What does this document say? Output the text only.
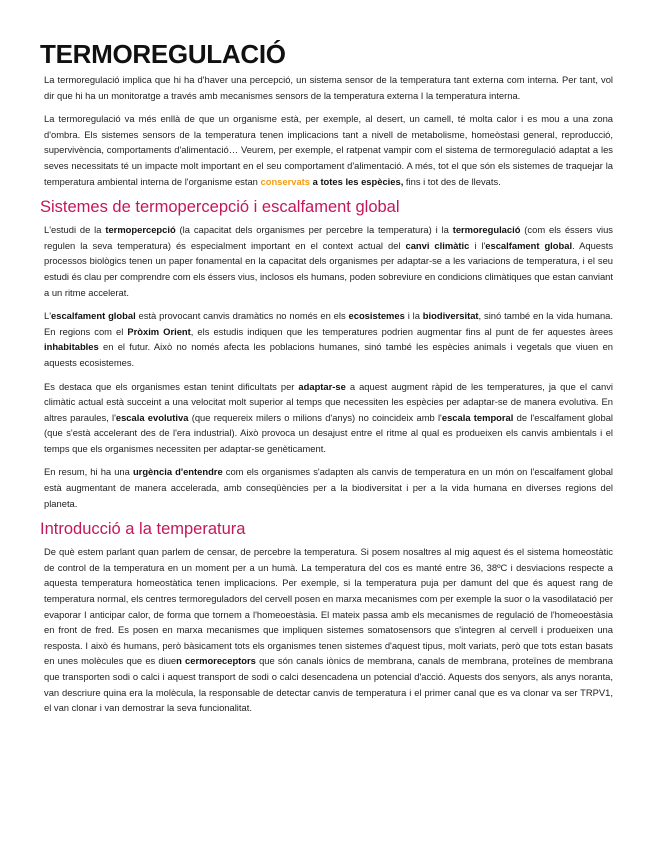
TERMOREGULACIÓ

La termoregulació implica que hi ha d'haver una percepció, un sistema sensor de la temperatura tant externa com interna. Per tant, vol dir que hi ha un monitoratge a través amb mecanismes sensors de la temperatura externa I la temperatura interna.

La termoregulació va més enllà de que un organisme està, per exemple, al desert, un camell, té molta calor i es mou a una zona d'ombra. Els sistemes sensors de la temperatura tenen implicacions tant a nivell de metabolisme, homeòstasi general, reproducció, supervivència, comportaments d'alimentació… Veurem, per exemple, el ratpenat vampir com el sistema de termoregulació adaptat a les seves necessitats té un impacte molt important en el seu comportament d'alimentació. A més, tot el que són els sistemes de traquejar la temperatura ambiental interna de l'organisme estan conservats a totes les espècies, fins i tot des de llevats.

Sistemes de termopercepció i escalfament global

L'estudi de la termopercepció (la capacitat dels organismes per percebre la temperatura) i la termoregulació (com els éssers vius regulen la seva temperatura) és especialment important en el context actual del canvi climàtic i l'escalfament global. Aquests processos biològics tenen un paper fonamental en la capacitat dels organismes per adaptar-se a les variacions de temperatura, i el seu estudi és clau per comprendre com els éssers vius, inclosos els humans, poden sobreviure en condicions climàtiques que estan canviant a un ritme accelerat.

L'escalfament global està provocant canvis dramàtics no només en els ecosistemes i la biodiversitat, sinó també en la vida humana. En regions com el Pròxim Orient, els estudis indiquen que les temperatures podrien augmentar fins al punt de fer aquestes àrees inhabitables en el futur. Això no només afecta les poblacions humanes, sinó també les espècies animals i vegetals que viuen en aquests ecosistemes.

Es destaca que els organismes estan tenint dificultats per adaptar-se a aquest augment ràpid de les temperatures, ja que el canvi climàtic actual està succeint a una velocitat molt superior al temps que necessiten les espècies per adaptar-se de manera evolutiva. En altres paraules, l'escala evolutiva (que requereix milers o milions d'anys) no coincideix amb l'escala temporal de l'escalfament global (que s'està accelerant des de l'era industrial). Això provoca un desajust entre el ritme al qual es produeixen els canvis ambientals i el temps que els organismes necessiten per adaptar-se genèticament.

En resum, hi ha una urgència d'entendre com els organismes s'adapten als canvis de temperatura en un món on l'escalfament global està augmentant de manera accelerada, amb conseqüències per a la biodiversitat i per a la vida humana en diverses regions del planeta.

Introducció a la temperatura

De què estem parlant quan parlem de censar, de percebre la temperatura. Si posem nosaltres al mig aquest és el sistema homeostàtic de control de la temperatura en un moment per a un humà. La temperatura del cos es manté entre 36, 38ºC i desviacions respecte a aquesta temperatura homeostàtica tenen implicacions. Per exemple, si la temperatura puja per damunt del que és aquest rang de temperatura normal, els centres termoreguladors del cervell posen en marxa mecanismes com per exemple la suor o la vasodilatació per evaporar I anticipar calor, de forma que tornem a l'homeoestàsia. El mateix passa amb els mecanismes de regulació de l'homeoestàsia en front de fred. Es posen en marxa mecanismes que impliquen sistemes somatosensors que s'integren al cervell i produeixen una resposta. I això és humans, però bàsicament tots els organismes tenen sistemes d'aquest tipus, molt variats, però que tots estan basats en unes molècules que es diuen cermoreceptors que són canals iònics de membrana, canals de membrana, proteïnes de membrana que transporten sodi o calci i aquest transport de sodi o calci desencadena un potencial d'acció. Aquests dos senyors, als anys noranta, van descriure quina era la molècula, la responsable de detectar canvis de temperatura i el primer canal que es va clonar va ser TRPV1, el van clonar i van demostrar la seva funcionalitat.
